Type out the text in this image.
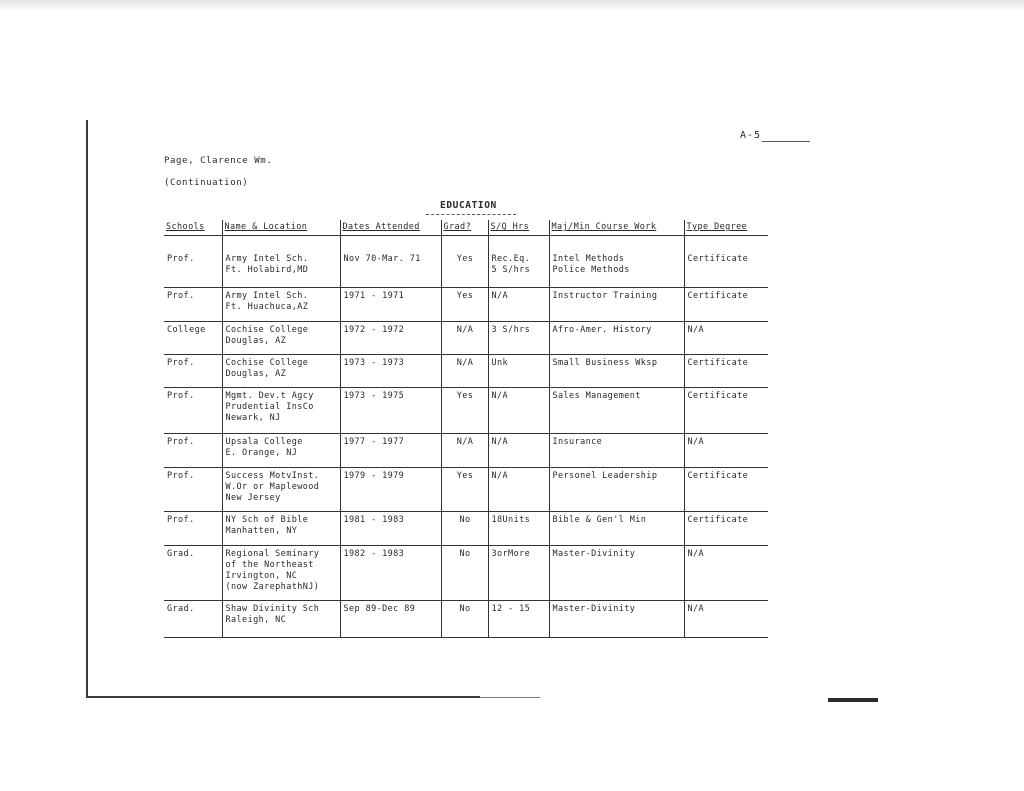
A-5
Page, Clarence Wm.
(Continuation)
EDUCATION
Schools	Name & Location	Dates Attended	Grad?	S/Q Hrs	Maj/Min Course Work	Type Degree
Prof.	Army Intel Sch.
Ft. Holabird,MD	Nov 70-Mar. 71	Yes	Rec.Eq.
5 S/hrs	Intel Methods
Police Methods	Certificate
Prof.	Army Intel Sch.
Ft. Huachuca,AZ	1971 - 1971	Yes	N/A	Instructor Training	Certificate
College	Cochise College
Douglas, AZ	1972 - 1972	N/A	3 S/hrs	Afro-Amer. History	N/A
Prof.	Cochise College
Douglas, AZ	1973 - 1973	N/A	Unk	Small Business Wksp	Certificate
Prof.	Mgmt. Dev.t Agcy
Prudential InsCo
Newark, NJ	1973 - 1975	Yes	N/A	Sales Management	Certificate
Prof.	Upsala College
E. Orange, NJ	1977 - 1977	N/A	N/A	Insurance	N/A
Prof.	Success MotvInst.
W.Or or Maplewood
New Jersey	1979 - 1979	Yes	N/A	Personel Leadership	Certificate
Prof.	NY Sch of Bible
Manhatten, NY	1981 - 1983	No	18Units	Bible & Gen'l Min	Certificate
Grad.	Regional Seminary
of the Northeast
Irvington, NC
(now ZarephathNJ)	1982 - 1983	No	3orMore	Master-Divinity	N/A
Grad.	Shaw Divinity Sch
Raleigh, NC	Sep 89-Dec 89	No	12 - 15	Master-Divinity	N/A
